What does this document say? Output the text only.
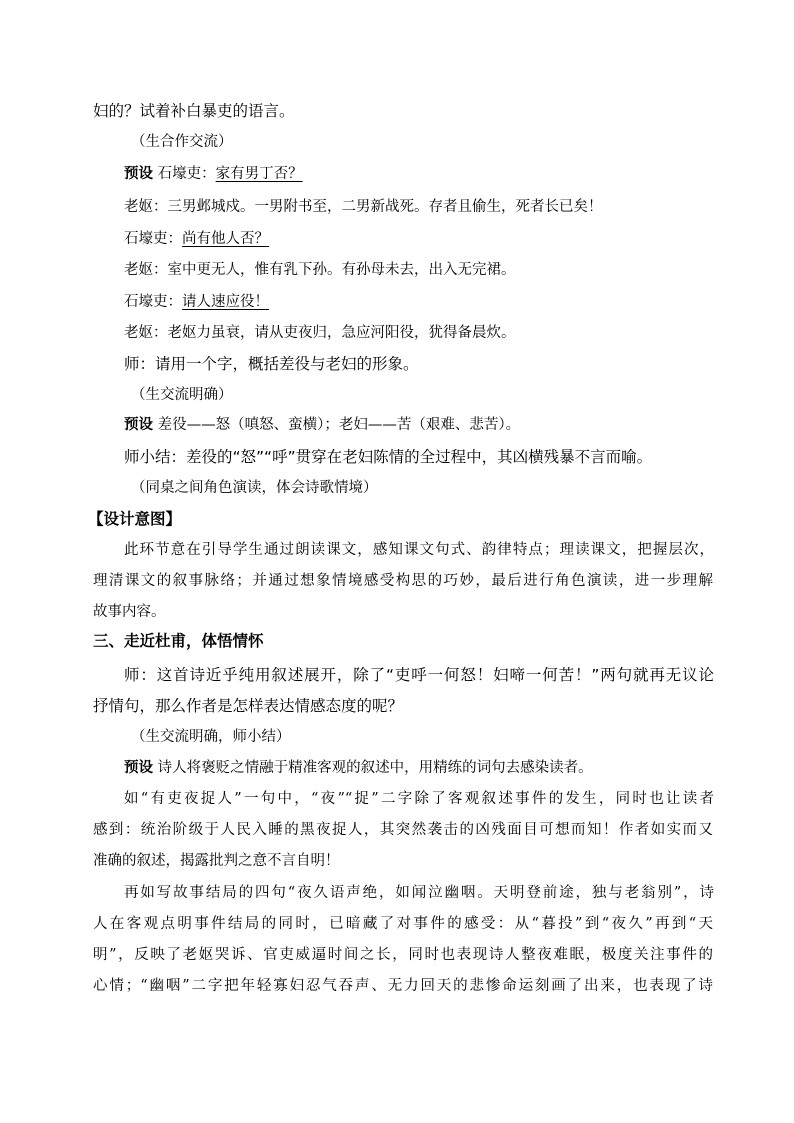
妇的？试着补白暴吏的语言。
（生合作交流）
预设 石壕吏：家有男丁否？
老妪：三男邺城戍。一男附书至，二男新战死。存者且偷生，死者长已矣！
石壕吏：尚有他人否？
老妪：室中更无人，惟有乳下孙。有孙母未去，出入无完裙。
石壕吏：请人速应役！
老妪：老妪力虽衰，请从吏夜归，急应河阳役，犹得备晨炊。
师：请用一个字，概括差役与老妇的形象。
（生交流明确）
预设 差役——怒（嗔怒、蛮横）；老妇——苦（艰难、悲苦）。
师小结：差役的“怒”“呼”贯穿在老妇陈情的全过程中，其凶横残暴不言而喻。
（同桌之间角色演读，体会诗歌情境）
【设计意图】
此环节意在引导学生通过朗读课文，感知课文句式、韵律特点；理读课文，把握层次，
理清课文的叙事脉络；并通过想象情境感受构思的巧妙，最后进行角色演读，进一步理解
故事内容。
三、走近杜甫，体悟情怀
师：这首诗近乎纯用叙述展开，除了“吏呼一何怒！妇啼一何苦！”两句就再无议论
抒情句，那么作者是怎样表达情感态度的呢？
（生交流明确，师小结）
预设 诗人将褒贬之情融于精准客观的叙述中，用精练的词句去感染读者。
如“有吏夜捉人”一句中，“夜”“捉”二字除了客观叙述事件的发生，同时也让读者
感到：统治阶级于人民入睡的黑夜捉人，其突然袭击的凶残面目可想而知！作者如实而又
准确的叙述，揭露批判之意不言自明！
再如写故事结局的四句“夜久语声绝，如闻泣幽咽。天明登前途，独与老翁别”，诗
人在客观点明事件结局的同时，已暗藏了对事件的感受：从“暮投”到“夜久”再到“天
明”，反映了老妪哭诉、官吏威逼时间之长，同时也表现诗人整夜难眠，极度关注事件的
心情；“幽咽”二字把年轻寡妇忍气吞声、无力回天的悲惨命运刻画了出来，也表现了诗
